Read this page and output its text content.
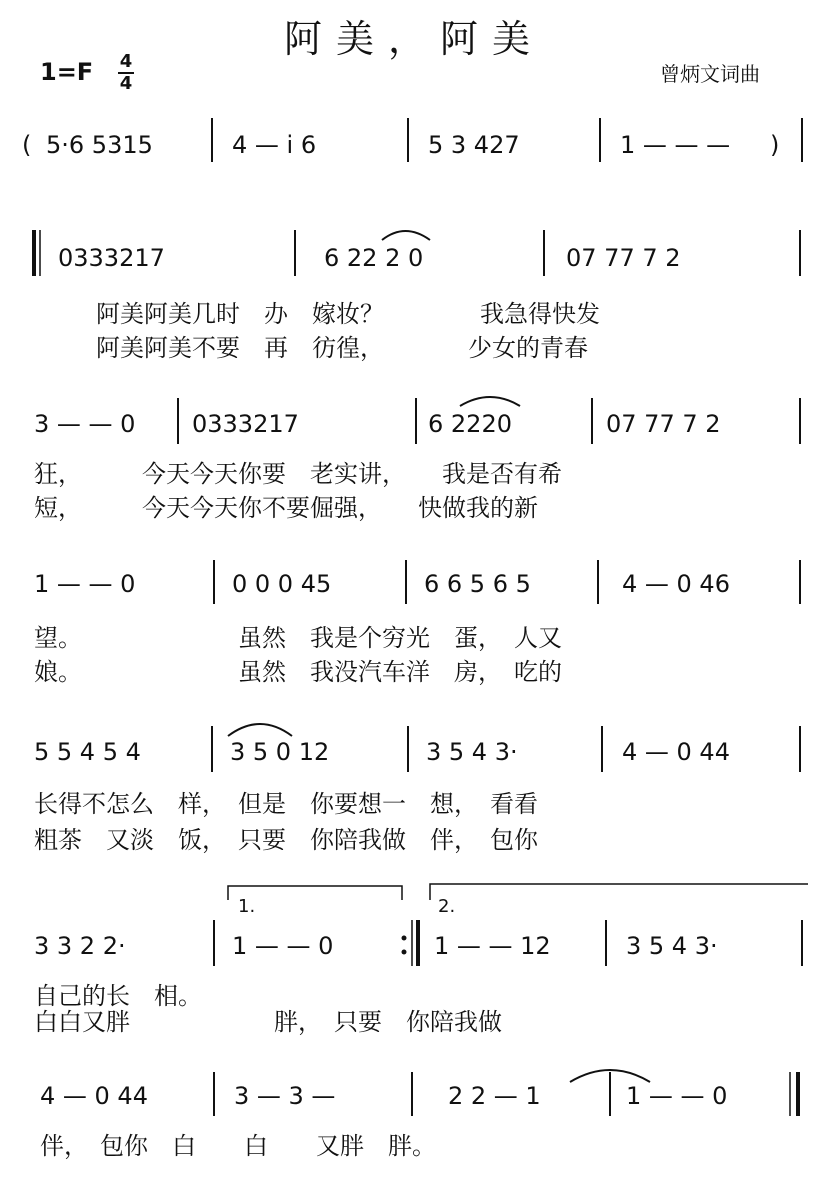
阿美，阿美
1=F 4
4	曾炳文词曲
(	)
5·6 5315	4 — i 6	5 3 427	1 — — —
0333217	6 22 2 0	07 77 7 2
阿美阿美几时　办　嫁妆？　　　　我急得快发
阿美阿美不要　再　彷徨，　　　　少女的青春
3 — — 0 0333217	6 2220	07 77 7 2
狂，　　　今天今天你要　老实讲，　　我是否有希
短，　　　今天今天你不要倔强，　　快做我的新
1 — — 0	0 0 0 45	6 6 5 6 5	4 — 0 46
望。　　　　　　　虽然　我是个穷光　蛋，　人又
娘。　　　　　　　虽然　我没汽车洋　房，　吃的
5 5 4 5 4	3 5 0 12	3 5 4 3·	4 — 0 44
长得不怎么　样，　但是　你要想一　想，　看看
粗茶　又淡　饭，　只要　你陪我做　伴，　包你
1.	2.
3 3 2 2·	1 — — 0	1 — — 12	3 5 4 3·
自己的长　相。
白白又胖　　　　　　胖，　只要　你陪我做
4 — 0 44	3 — 3 —	2 2 — 1	1 — — 0
伴，　包你　白　　白　　又胖　胖。
